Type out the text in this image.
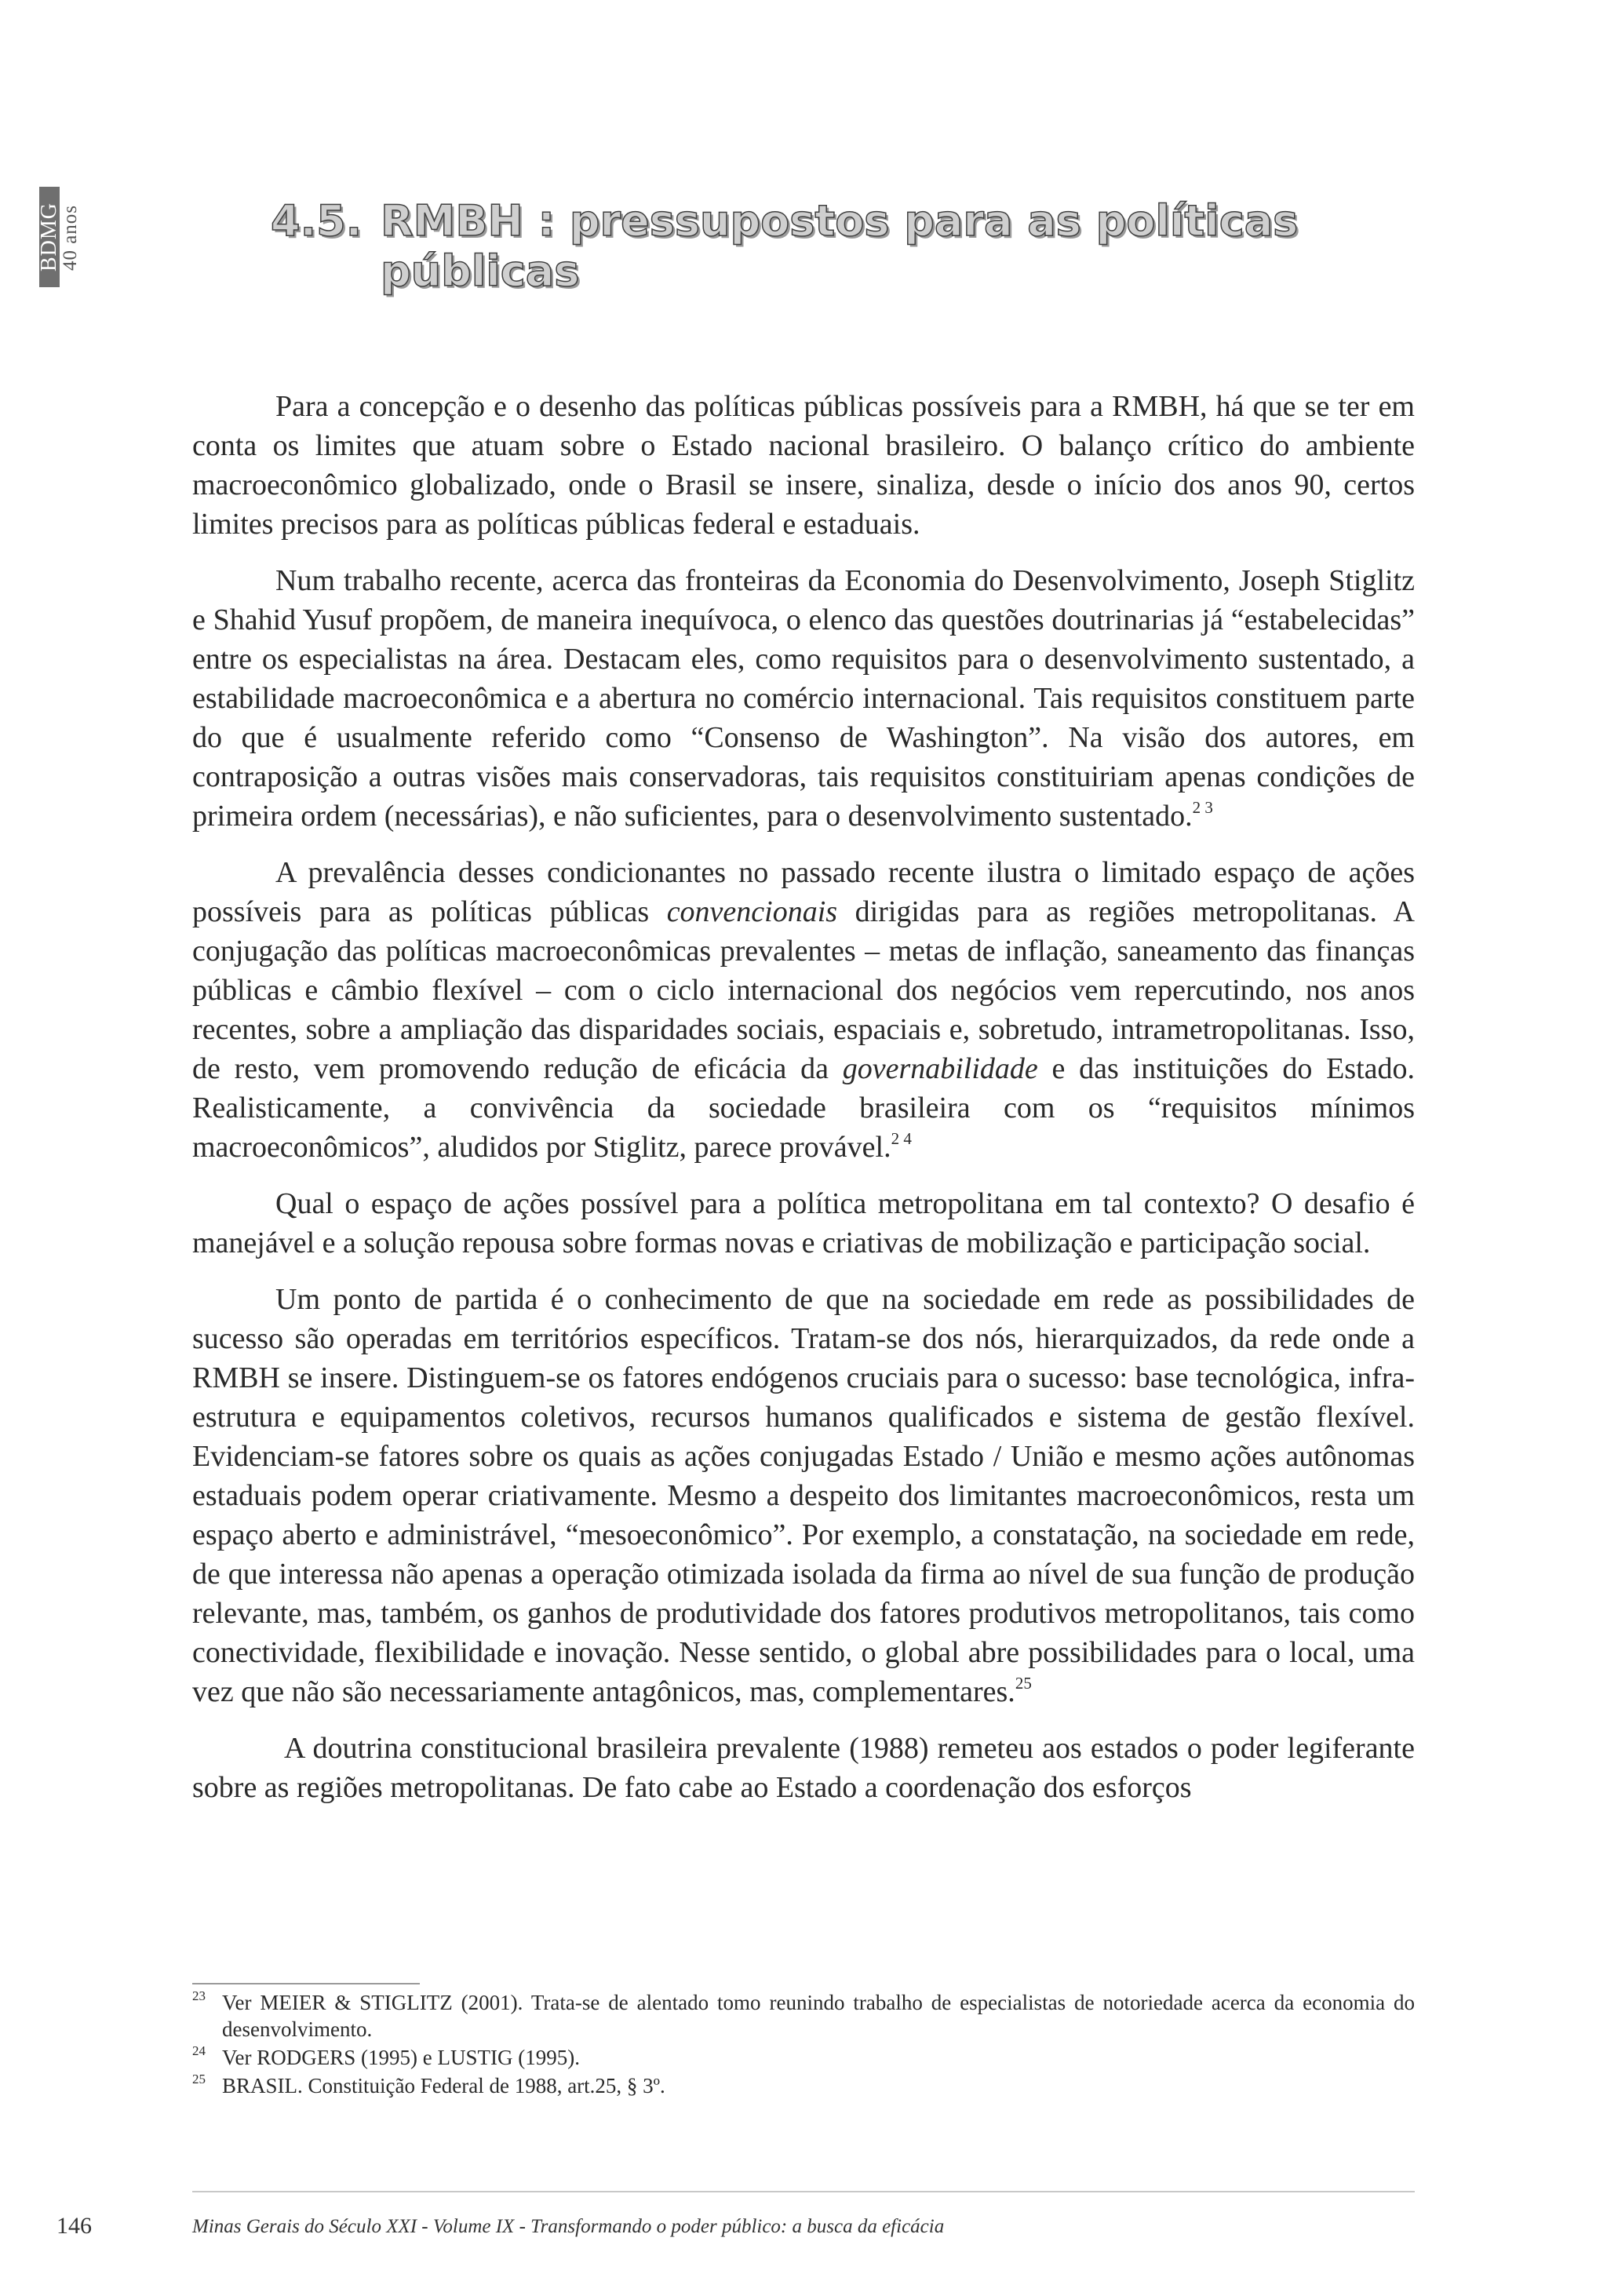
BDMG
40 anos	4.5. RMBH : pressupostos para as políticas
públicas

Para a concepção e o desenho das políticas públicas possíveis para a RMBH, há que se ter em conta os limites que atuam sobre o Estado nacional brasileiro. O balanço crítico do ambiente macroeconômico globalizado, onde o Brasil se insere, sinaliza, desde o início dos anos 90, certos limites precisos para as políticas públicas federal e estaduais.

Num trabalho recente, acerca das fronteiras da Economia do Desenvolvimento, Joseph Stiglitz e Shahid Yusuf propõem, de maneira inequívoca, o elenco das questões doutrinarias já “estabelecidas” entre os especialistas na área. Destacam eles, como requisitos para o desenvolvimento sustentado, a estabilidade macroeconômica e a abertura no comércio internacional. Tais requisitos constituem parte do que é usualmente referido como “Consenso de Washington”. Na visão dos autores, em contraposição a outras visões mais conservadoras, tais requisitos constituiriam apenas condições de primeira ordem (necessárias), e não suficientes, para o desenvolvimento sustentado.$^{2 3}$

A prevalência desses condicionantes no passado recente ilustra o limitado espaço de ações possíveis para as políticas públicas convencionais dirigidas para as regiões metropolitanas. A conjugação das políticas macroeconômicas prevalentes – metas de inflação, saneamento das finanças públicas e câmbio flexível – com o ciclo internacional dos negócios vem repercutindo, nos anos recentes, sobre a ampliação das disparidades sociais, espaciais e, sobretudo, intrametropolitanas. Isso, de resto, vem promovendo redução de eficácia da governabilidade e das instituições do Estado. Realisticamente, a convivência da sociedade brasileira com os “requisitos mínimos macroeconômicos”, aludidos por Stiglitz, parece provável.$^{2 4}$

Qual o espaço de ações possível para a política metropolitana em tal contexto? O desafio é manejável e a solução repousa sobre formas novas e criativas de mobilização e participação social.

Um ponto de partida é o conhecimento de que na sociedade em rede as possibilidades de sucesso são operadas em territórios específicos. Tratam-se dos nós, hierarquizados, da rede onde a RMBH se insere. Distinguem-se os fatores endógenos cruciais para o sucesso: base tecnológica, infra-estrutura e equipamentos coletivos, recursos humanos qualificados e sistema de gestão flexível. Evidenciam-se fatores sobre os quais as ações conjugadas Estado / União e mesmo ações autônomas estaduais podem operar criativamente. Mesmo a despeito dos limitantes macroeconômicos, resta um espaço aberto e administrável, “mesoeconômico”. Por exemplo, a constatação, na sociedade em rede, de que interessa não apenas a operação otimizada isolada da firma ao nível de sua função de produção relevante, mas, também, os ganhos de produtividade dos fatores produtivos metropolitanos, tais como conectividade, flexibilidade e inovação. Nesse sentido, o global abre possibilidades para o local, uma vez que não são necessariamente antagônicos, mas, complementares.$^{25}$

A doutrina constitucional brasileira prevalente (1988) remeteu aos estados o poder legiferante sobre as regiões metropolitanas. De fato cabe ao Estado a coordenação dos esforços

23 Ver MEIER & STIGLITZ (2001). Trata-se de alentado tomo reunindo trabalho de especialistas de notoriedade acerca da economia do desenvolvimento.
24 Ver RODGERS (1995) e LUSTIG (1995).
25 BRASIL. Constituição Federal de 1988, art.25, § 3º.
146	Minas Gerais do Século XXI - Volume IX - Transformando o poder público: a busca da eficácia
